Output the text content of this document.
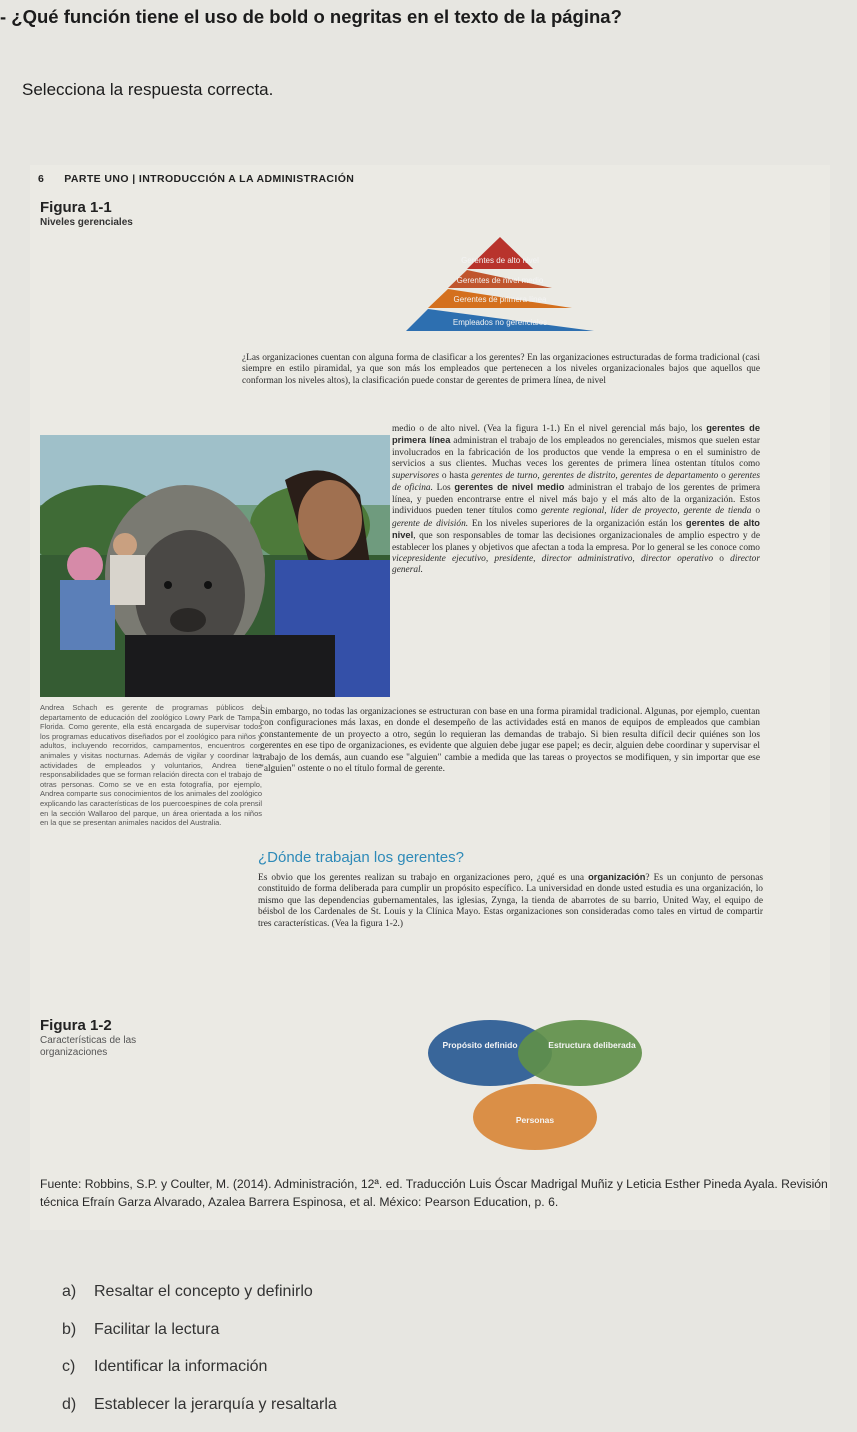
- ¿Qué función tiene el uso de bold o negritas en el texto de la página?
Selecciona la respuesta correcta.
6 PARTE UNO | INTRODUCCIÓN A LA ADMINISTRACIÓN
Figura 1-1
Niveles gerenciales
Gerentes de alto nivel
Gerentes de nivel medio
Gerentes de primera línea
Empleados no gerenciales
¿Las organizaciones cuentan con alguna forma de clasificar a los gerentes? En las organizaciones estructuradas de forma tradicional (casi siempre en estilo piramidal, ya que son más los empleados que pertenecen a los niveles organizacionales bajos que aquellos que conforman los niveles altos), la clasificación puede constar de gerentes de primera línea, de nivel
Andrea Schach es gerente de programas públicos del departamento de educación del zoológico Lowry Park de Tampa, Florida. Como gerente, ella está encargada de supervisar todos los programas educativos diseñados por el zoológico para niños y adultos, incluyendo recorridos, campamentos, encuentros con animales y visitas nocturnas. Además de vigilar y coordinar las actividades de empleados y voluntarios, Andrea tiene responsabilidades que se forman relación directa con el trabajo de otras personas. Como se ve en esta fotografía, por ejemplo, Andrea comparte sus conocimientos de los animales del zoológico explicando las características de los puercoespines de cola prensil en la sección Wallaroo del parque, un área orientada a los niños en la que se presentan animales nacidos del Australia.
medio o de alto nivel. (Vea la figura 1-1.) En el nivel gerencial más bajo, los gerentes de primera línea administran el trabajo de los empleados no gerenciales, mismos que suelen estar involucrados en la fabricación de los productos que vende la empresa o en el suministro de servicios a sus clientes. Muchas veces los gerentes de primera línea ostentan títulos como supervisores o hasta gerentes de turno, gerentes de distrito, gerentes de departamento o gerentes de oficina. Los gerentes de nivel medio administran el trabajo de los gerentes de primera línea, y pueden encontrarse entre el nivel más bajo y el más alto de la organización. Estos individuos pueden tener títulos como gerente regional, líder de proyecto, gerente de tienda o gerente de división. En los niveles superiores de la organización están los gerentes de alto nivel, que son responsables de tomar las decisiones organizacionales de amplio espectro y de establecer los planes y objetivos que afectan a toda la empresa. Por lo general se les conoce como vicepresidente ejecutivo, presidente, director administrativo, director operativo o director general.
Sin embargo, no todas las organizaciones se estructuran con base en una forma piramidal tradicional. Algunas, por ejemplo, cuentan con configuraciones más laxas, en donde el desempeño de las actividades está en manos de equipos de empleados que cambian constantemente de un proyecto a otro, según lo requieran las demandas de trabajo. Si bien resulta difícil decir quiénes son los gerentes en ese tipo de organizaciones, es evidente que alguien debe jugar ese papel; es decir, alguien debe coordinar y supervisar el trabajo de los demás, aun cuando ese "alguien" cambie a medida que las tareas o proyectos se modifiquen, y sin importar que ese "alguien" ostente o no el título formal de gerente.
¿Dónde trabajan los gerentes?
Es obvio que los gerentes realizan su trabajo en organizaciones pero, ¿qué es una organización? Es un conjunto de personas constituido de forma deliberada para cumplir un propósito específico. La universidad en donde usted estudia es una organización, lo mismo que las dependencias gubernamentales, las iglesias, Zynga, la tienda de abarrotes de su barrio, United Way, el equipo de béisbol de los Cardenales de St. Louis y la Clínica Mayo. Estas organizaciones son consideradas como tales en virtud de compartir tres características. (Vea la figura 1-2.)
Figura 1-2
Características de las organizaciones
Propósito definido	Estructura deliberada
Personas
Fuente: Robbins, S.P. y Coulter, M. (2014). Administración, 12ª. ed. Traducción Luis Óscar Madrigal Muñiz y Leticia Esther Pineda Ayala. Revisión técnica Efraín Garza Alvarado, Azalea Barrera Espinosa, et al. México: Pearson Education, p. 6.
a)	Resaltar el concepto y definirlo
b)	Facilitar la lectura
c)	Identificar la información
d)	Establecer la jerarquía y resaltarla
